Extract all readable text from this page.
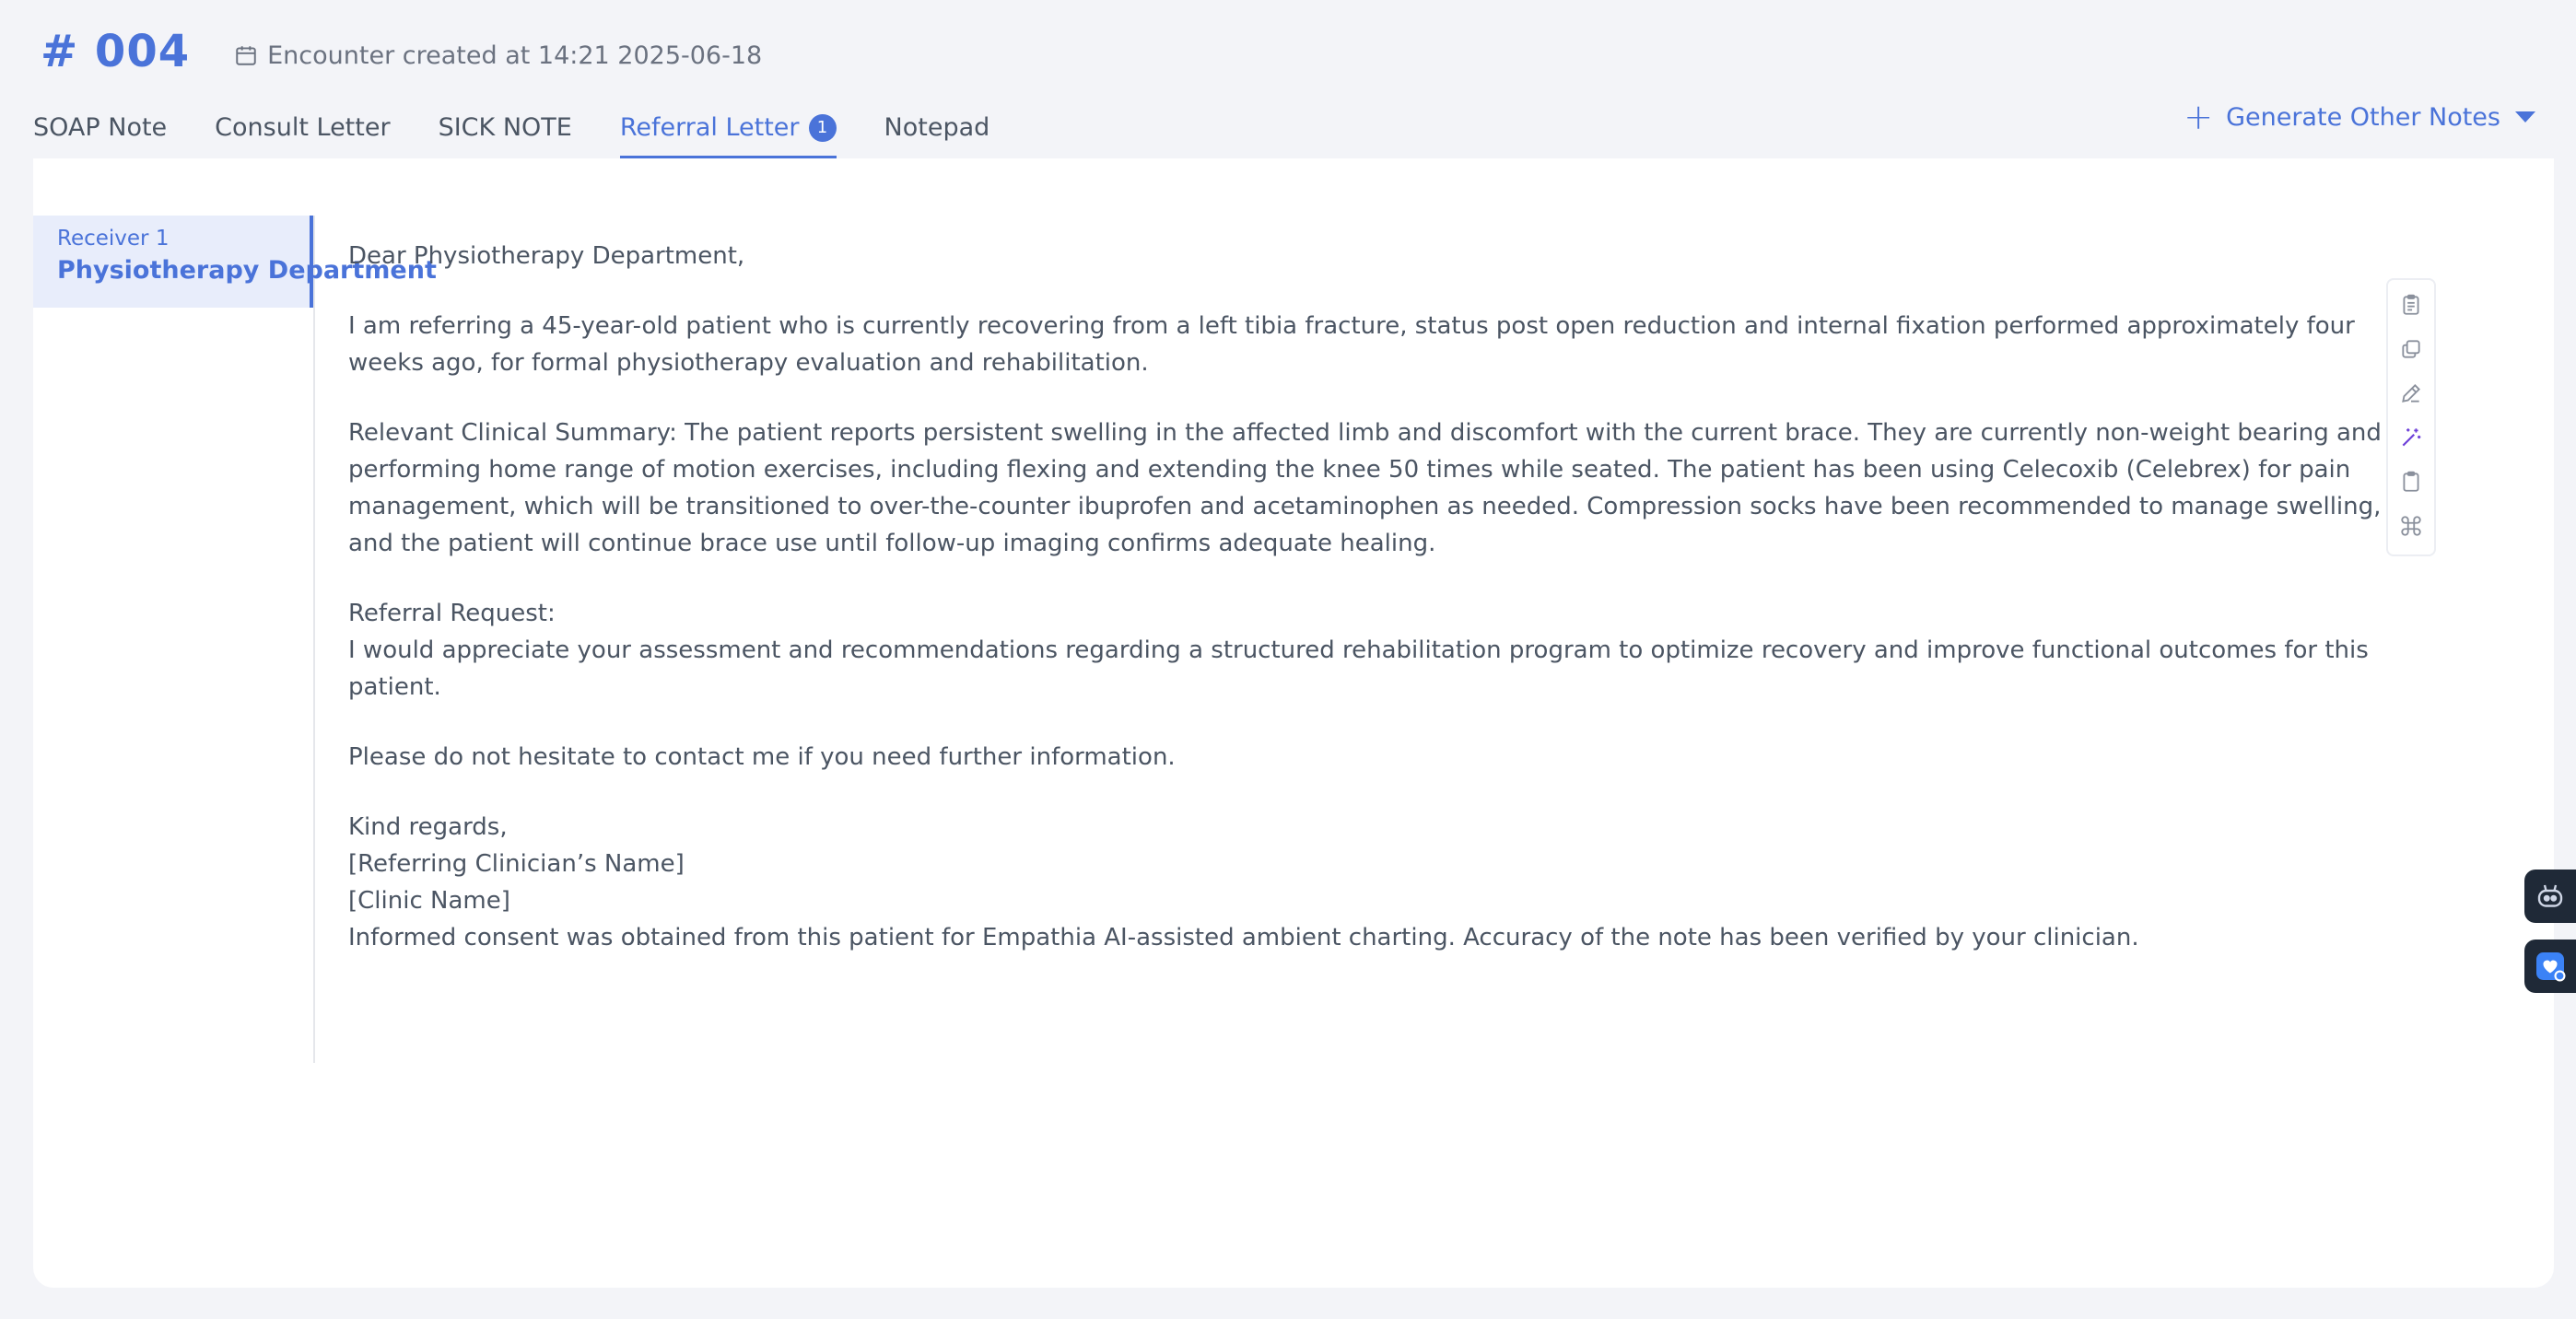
# 004	Encounter created at 14:21 2025-06-18
SOAP Note Consult Letter SICK NOTE Referral Letter	1	Notepad	+ Generate Other Notes
Receiver 1
Physiotherapy Department

Dear Physiotherapy Department,

I am referring a 45-year-old patient who is currently recovering from a left tibia fracture, status post open reduction and internal fixation performed approximately four weeks ago, for formal physiotherapy evaluation and rehabilitation.

Relevant Clinical Summary: The patient reports persistent swelling in the affected limb and discomfort with the current brace. They are currently non-weight bearing and performing home range of motion exercises, including flexing and extending the knee 50 times while seated. The patient has been using Celecoxib (Celebrex) for pain management, which will be transitioned to over-the-counter ibuprofen and acetaminophen as needed. Compression socks have been recommended to manage swelling, and the patient will continue brace use until follow-up imaging confirms adequate healing.

Referral Request:
I would appreciate your assessment and recommendations regarding a structured rehabilitation program to optimize recovery and improve functional outcomes for this patient.

Please do not hesitate to contact me if you need further information.

Kind regards,
[Referring Clinician’s Name]
[Clinic Name]
Informed consent was obtained from this patient for Empathia AI-assisted ambient charting. Accuracy of the note has been verified by your clinician.
